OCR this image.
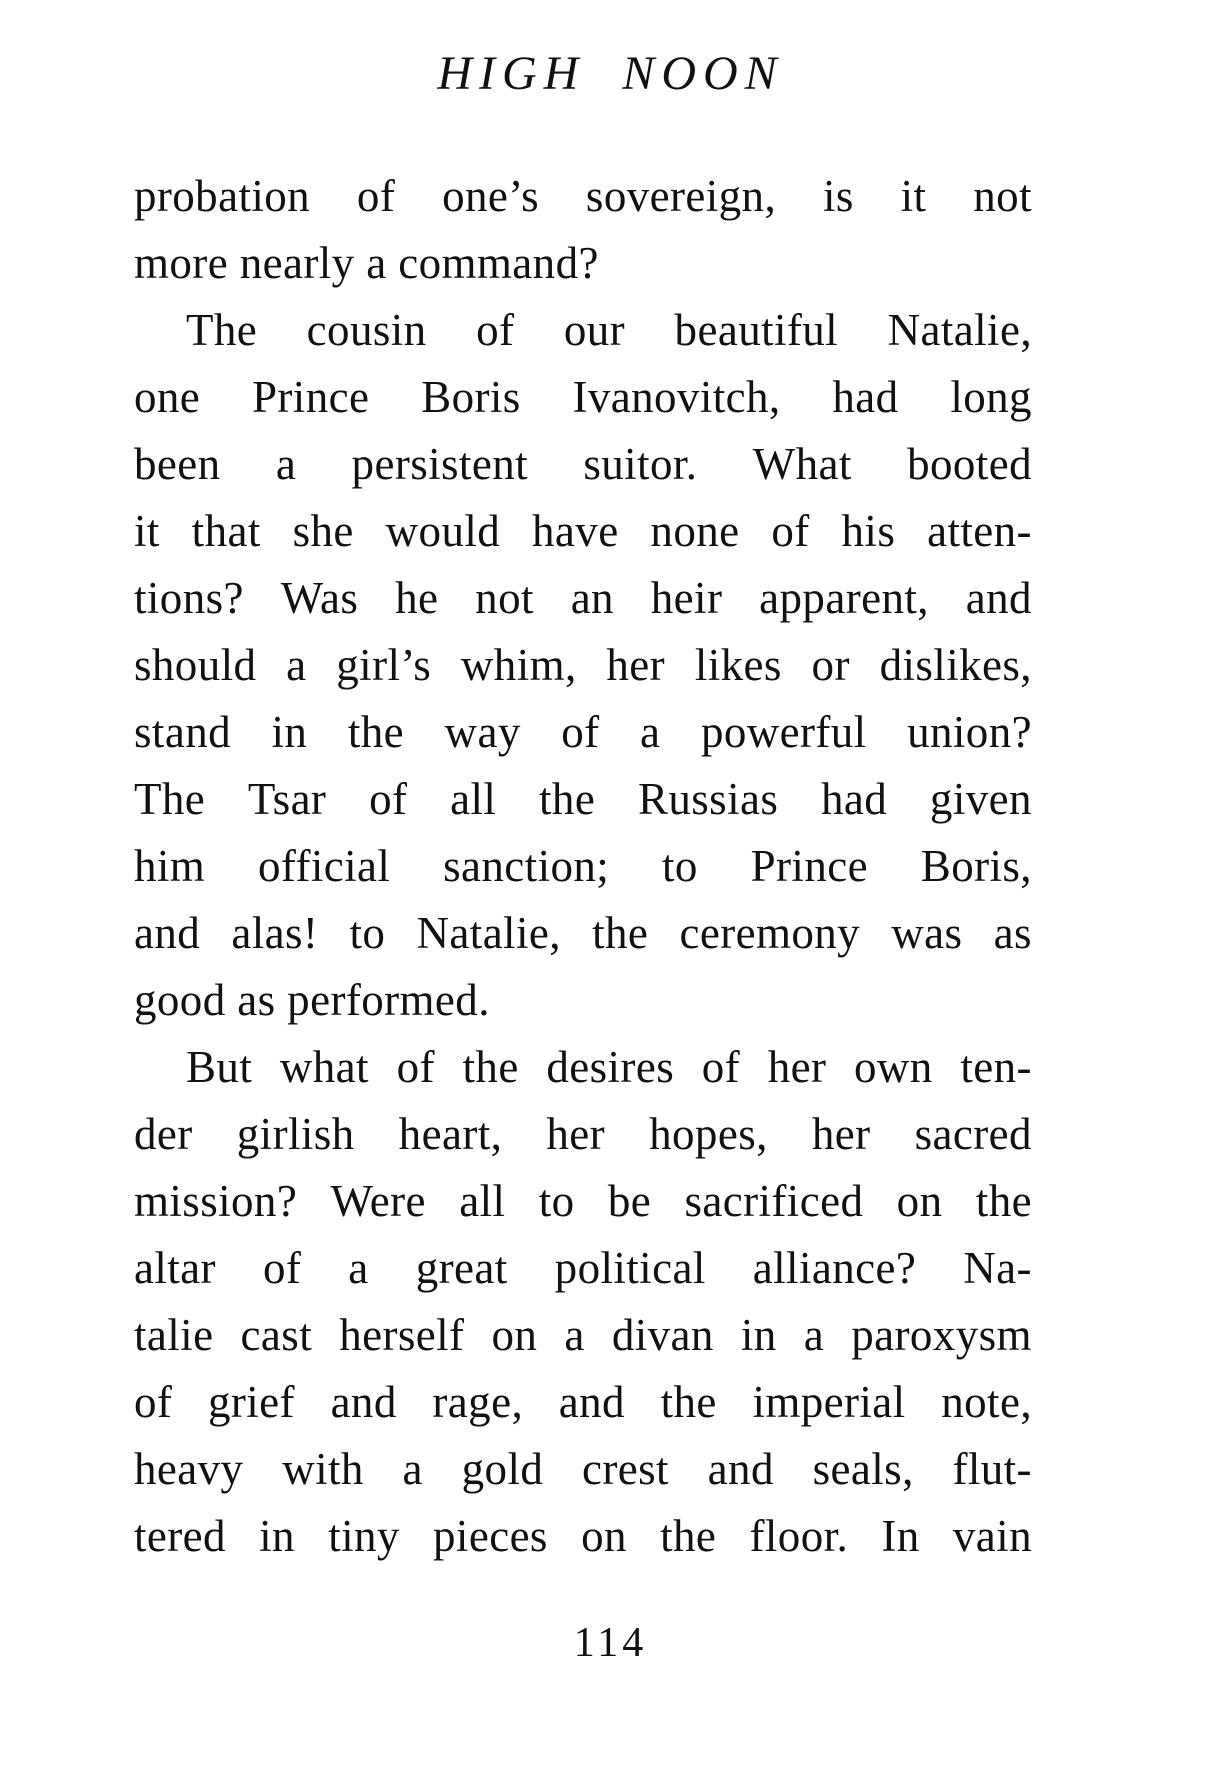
HIGH NOON
probation of one’s sovereign, is it not
more nearly a command?
The cousin of our beautiful Natalie,
one Prince Boris Ivanovitch, had long
been a persistent suitor. What booted
it that she would have none of his atten-
tions? Was he not an heir apparent, and
should a girl’s whim, her likes or dislikes,
stand in the way of a powerful union?
The Tsar of all the Russias had given
him official sanction; to Prince Boris,
and alas! to Natalie, the ceremony was as
good as performed.
But what of the desires of her own ten-
der girlish heart, her hopes, her sacred
mission? Were all to be sacrificed on the
altar of a great political alliance? Na-
talie cast herself on a divan in a paroxysm
of grief and rage, and the imperial note,
heavy with a gold crest and seals, flut-
tered in tiny pieces on the floor. In vain
114
